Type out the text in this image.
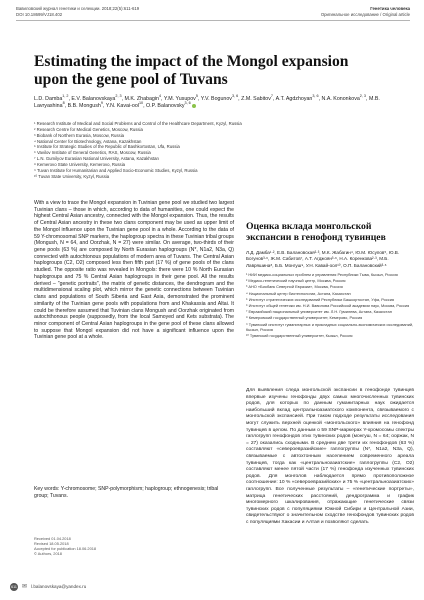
Вавиловский журнал генетики и селекции. 2018;22(5):611-619
DOI 10.18699/VJ18.402
Генетика человека
Оригинальное исследование / Original article
Estimating the impact of the Mongol expansion upon the gene pool of Tuvans
L.D. Damba$^{1, 2}$, E.V. Balanovskaya$^{2, 3}$, M.K. Zhabagin$^4$, Y.M. Yusupov$^5$, Y.V. Bogunov$^{3, 6}$, Z.M. Sabitov$^7$, A.T. Agdzhoyan$^{3, 6}$, N.A. Kononkova$^{2, 3}$, M.B. Lavryashina$^8$, B.B. Mongush$^9$, Y.N. Kavai-ool$^{10}$, O.P. Balanovsky$^{3, 6}$
¹ Research Institute of Medical and Social Problems and Control of the Healthcare Department, Kyzyl, Russia
² Research Centre for Medical Genetics, Moscow, Russia
³ Biobank of Northern Eurasia, Moscow, Russia
⁴ National Center for Biotechnology, Astana, Kazakhstan
⁵ Institute for Strategic Studies of the Republic of Bashkortostan, Ufa, Russia
⁶ Vavilov Institute of General Genetics, RAS, Moscow, Russia
⁷ L.N. Gumilyov Eurasian National University, Astana, Kazakhstan
⁸ Kemerovo State University, Kemerovo, Russia
⁹ Tuvan Institute for Humanitarian and Applied Socio-Economic Studies, Kyzyl, Russia
¹⁰ Tuvan State University, Kyzyl, Russia

With a view to trace the Mongol expansion in Tuvinian gene pool we studied two largest Tuvinian clans – those in which, according to data of humanities, one could expect the highest Central Asian ancestry, connected with the Mongol expansion. Thus, the results of Central Asian ancestry in these two clans component may be used as upper limit of the Mongol influence upon the Tuvinian gene pool in a whole. According to the data of 59 Y-chromosomal SNP markers, the haplogroup spectra in these Tuvinian tribal groups (Mongush, N = 64, and Oorzhak, N = 27) were similar. On average, two-thirds of their gene pools (63 %) are composed by North Eurasian haplogroups (N*, N1a2, N3a, Q) connected with autochtonous populations of modern area of Tuvans. The Central Asian haplogroups (C2, O2) composed less then fifth part (17 %) of gene pools of the clans studied. The opposite ratio was revealed in Mongols: there were 10 % North Eurasian haplogroups and 75 % Central Asian haplogroups in their gene pool. All the results derived – "genetic portraits", the matrix of genetic distances, the dendrogram and the multidimensional scaling plot, which mirror the genetic connections between Tuvinian clans and populations of South Siberia and East Asia, demonstrated the prominent similarity of the Tuvinian gene pools with populations from and Khakassia and Altai. It could be therefore assumed that Tuvinian clans Mongush and Oorzhak originated from autochthonous people (supposedly, from the local Samoyed and Kets substrata). The minor component of Central Asian haplogroups in the gene pool of these clans allowed to suppose that Mongol expansion did not have a significant influence upon the Tuvinian gene pool at a whole.

Key words: Y-chromosome; SNP-polymorphism; haplogroup; ethnogenesis; tribal group; Tuvans.
Received 01.04.2018
Revised 18.05.2018
Accepted for publication 18.06.2018
© Authors, 2018
611 ✉ l.balanovskaya@yandex.ru
Оценка вклада монгольской экспансии в генофонд тувинцев
Л.Д. Дамба¹·², Е.В. Балановская²·³, М.К. Жабагин⁴, Ю.М. Юсупов⁵, Ю.В. Богунов³·⁶, Ж.М. Сабитов⁷, А.Т. Агджоян³·⁶, Н.А. Коренкова²·³, М.Б. Лавряшина⁸, Б.Б. Монгуш⁹, У.Н. Кавай-оол¹⁰, О.П. Балановский³·⁶
¹ НИИ медико-социальных проблем и управления Республики Тыва, Кызыл, Россия
² Медико-генетический научный центр, Москва, Россия
³ АНО «Биобанк Северной Евразии», Москва, Россия
⁴ Национальный центр биотехнологии, Астана, Казахстан
⁵ Институт стратегических исследований Республики Башкортостан, Уфа, Россия
⁶ Институт общей генетики им. Н.И. Вавилова Российской академии наук, Москва, Россия
⁷ Евразийский национальный университет им. Л.Н. Гумилева, Астана, Казахстан
⁸ Кемеровский государственный университет, Кемерово, Россия
⁹ Тувинский институт гуманитарных и прикладных социально-экономических исследований, Кызыл, Россия
¹⁰ Тувинский государственный университет, Кызыл, Россия

Для выявления следа монгольской экспансии в генофонде тувинцев впервые изучены генофонды двух самых многочисленных тувинских родов, для которых по данным гуманитарных наук ожидается наибольший вклад центральноазиатского компонента, связываемого с монгольской экспансией. При таком подходе результаты исследования могут служить верхней оценкой «монгольского» влияния на генофонд тувинцев в целом. По данным о 59 SNP-маркерах Y-хромосомы спектры гаплогрупп генофондов этих тувинских родов (монгуш, N = 64; ооржак, N = 27) оказались сходными. В среднем две трети их генофондов (63 %) составляют «североевразийские» гаплогруппы (N*, N1a2, N3a, Q), связываемые с автохтонным населением современного ареала тувинцев, тогда как «центральноазиатские» гаплогруппы (C2, O2) составляют менее пятой части (17 %) генофонда изученных тувинских родов. Для монголов наблюдается прямо противоположное соотношение: 10 % «североевразийских» и 75 % «центральноазиатских» гаплогрупп. Все полученные результаты – «генетические портреты», матрица генетических расстояний, дендрограмма и график многомерного шкалирования, отражающие генетические связи тувинских родов с популяциями Южной Сибири и Центральной Азии, свидетельствуют о значительном сходстве генофондов тувинских родов с популяциями Хакасии и Алтая и позволяют сделать
